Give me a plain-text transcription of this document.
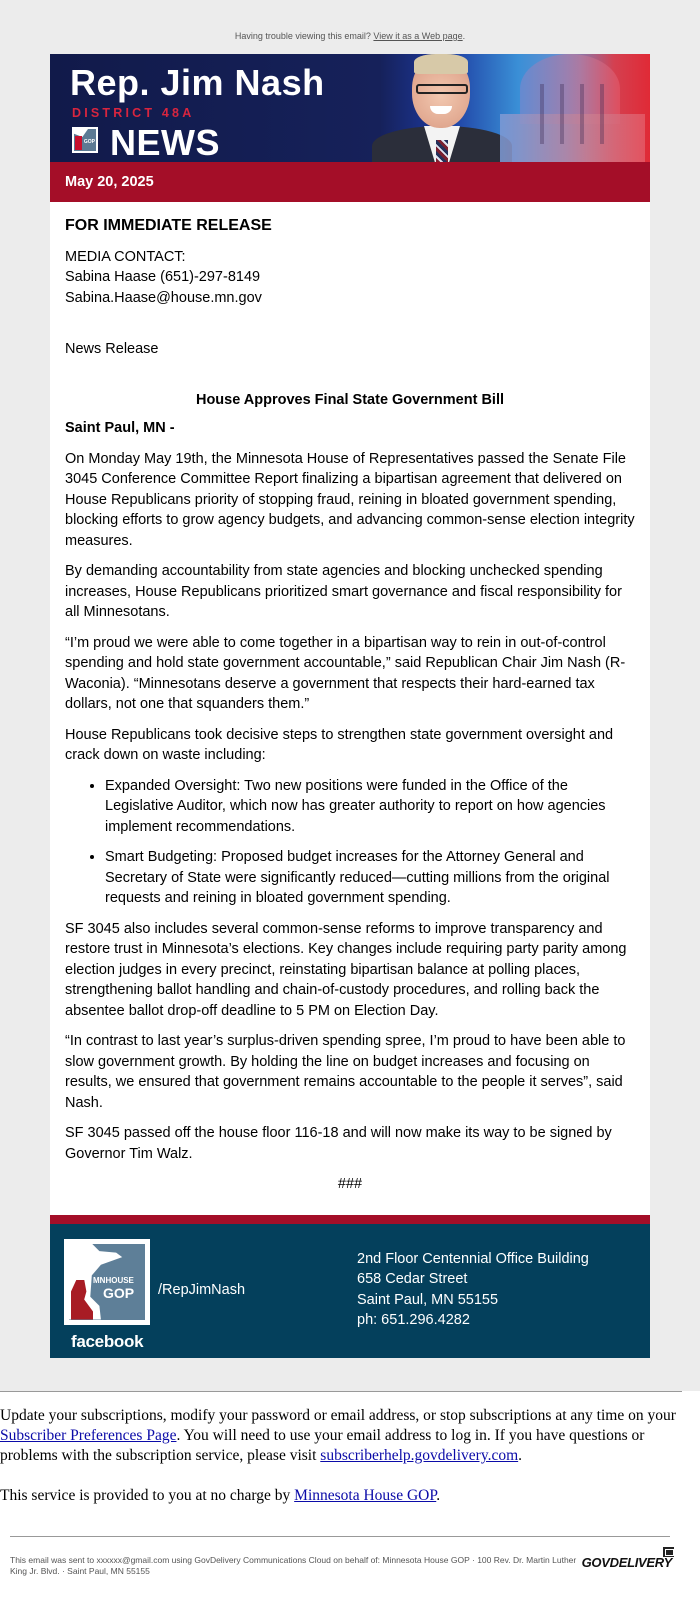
Having trouble viewing this email? View it as a Web page.
Rep. Jim Nash
DISTRICT 48A
GOP NEWS
May 20, 2025
FOR IMMEDIATE RELEASE
MEDIA CONTACT:
Sabina Haase (651)-297-8149
Sabina.Haase@house.mn.gov
News Release
House Approves Final State Government Bill
Saint Paul, MN -

On Monday May 19th, the Minnesota House of Representatives passed the Senate File 3045 Conference Committee Report finalizing a bipartisan agreement that delivered on House Republicans priority of stopping fraud, reining in bloated government spending, blocking efforts to grow agency budgets, and advancing common-sense election integrity measures.

By demanding accountability from state agencies and blocking unchecked spending increases, House Republicans prioritized smart governance and fiscal responsibility for all Minnesotans.

“I’m proud we were able to come together in a bipartisan way to rein in out-of-control spending and hold state government accountable,” said Republican Chair Jim Nash (R-Waconia). “Minnesotans deserve a government that respects their hard-earned tax dollars, not one that squanders them.”

House Republicans took decisive steps to strengthen state government oversight and crack down on waste including:

• Expanded Oversight: Two new positions were funded in the Office of the Legislative Auditor, which now has greater authority to report on how agencies implement recommendations.
• Smart Budgeting: Proposed budget increases for the Attorney General and Secretary of State were significantly reduced—cutting millions from the original requests and reining in bloated government spending.

SF 3045 also includes several common-sense reforms to improve transparency and restore trust in Minnesota’s elections. Key changes include requiring party parity among election judges in every precinct, reinstating bipartisan balance at polling places, strengthening ballot handling and chain-of-custody procedures, and rolling back the absentee ballot drop-off deadline to 5 PM on Election Day.

“In contrast to last year’s surplus-driven spending spree, I’m proud to have been able to slow government growth. By holding the line on budget increases and focusing on results, we ensured that government remains accountable to the people it serves”, said Nash.

SF 3045 passed off the house floor 116-18 and will now make its way to be signed by Governor Tim Walz.

###
MNHOUSE
GOP
facebook
/RepJimNash
2nd Floor Centennial Office Building
658 Cedar Street
Saint Paul, MN 55155
ph: 651.296.4282

Update your subscriptions, modify your password or email address, or stop subscriptions at any time on your Subscriber Preferences Page. You will need to use your email address to log in. If you have questions or problems with the subscription service, please visit subscriberhelp.govdelivery.com.

This service is provided to you at no charge by Minnesota House GOP.

This email was sent to xxxxxx@gmail.com using GovDelivery Communications Cloud on behalf of: Minnesota House GOP · 100 Rev. Dr. Martin Luther King Jr. Blvd. · Saint Paul, MN 55155
GOVDELIVERY
